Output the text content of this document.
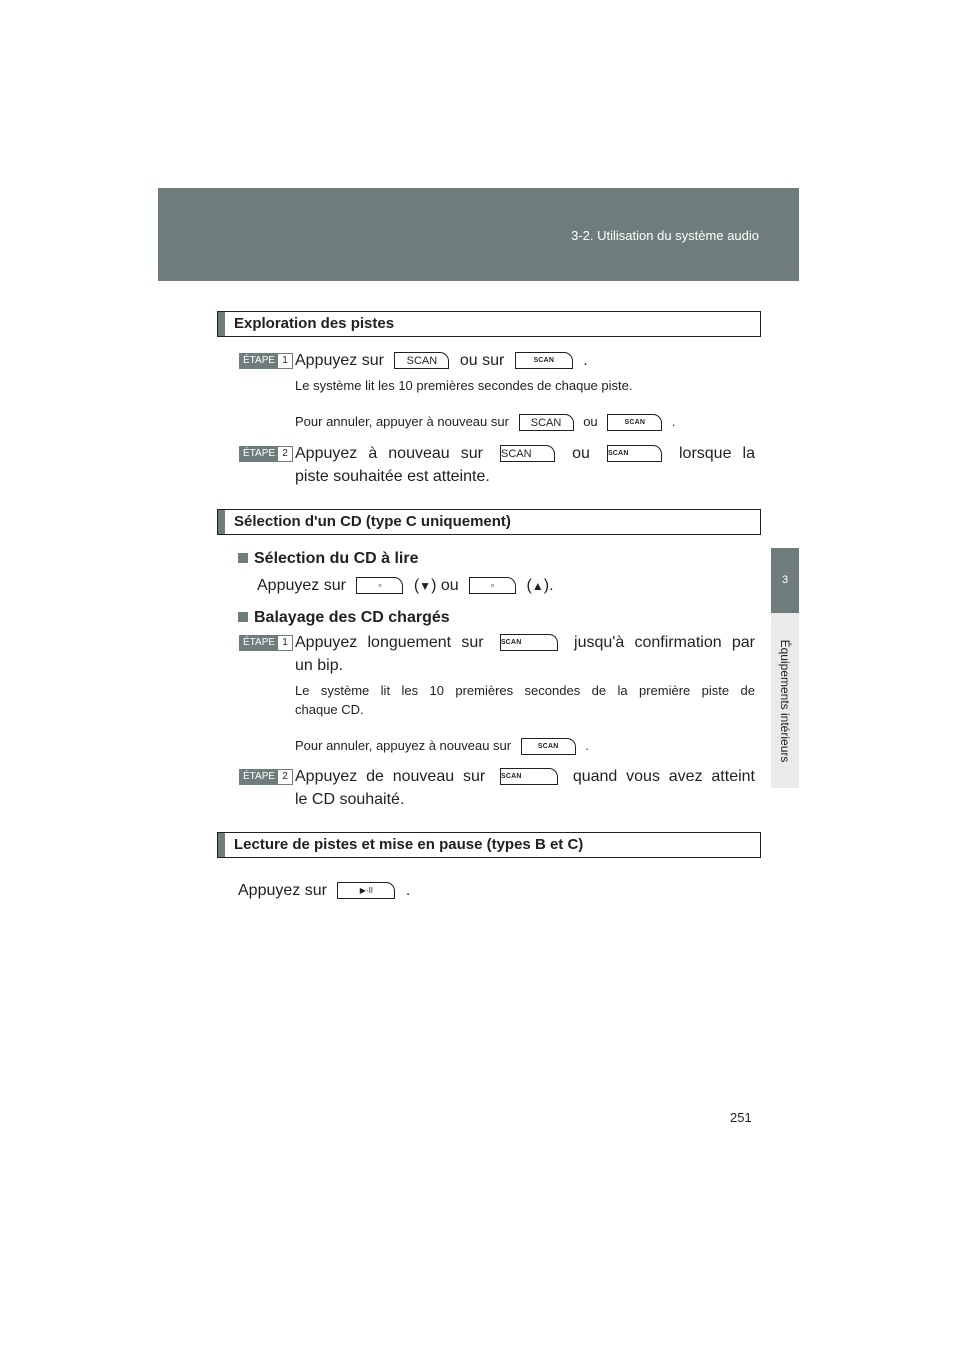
3-2. Utilisation du système audio
3
Équipements intérieurs
Exploration des pistes
ÉTAPE 1 Appuyez sur	SCAN	ou sur	SCAN	.
Le système lit les 10 premières secondes de chaque piste.
Pour annuler, appuyer à nouveau sur	SCAN	ou	SCAN	.
ÉTAPE 2 Appuyez à nouveau sur SCAN	ou	SCAN	lorsque la
piste souhaitée est atteinte.
Sélection d'un CD (type C uniquement)
Sélection du CD à lire
Appuyez sur	◦	(▼) ou	◦	(▲).
Balayage des CD chargés
ÉTAPE 1 Appuyez longuement sur SCAN	jusqu'à confirmation par
un bip.
Le système lit les 10 premières secondes de la première piste de
chaque CD.
Pour annuler, appuyez à nouveau sur	SCAN	.
ÉTAPE 2 Appuyez de nouveau sur SCAN	quand vous avez atteint
le CD souhaité.
Lecture de pistes et mise en pause (types B et C)
Appuyez sur	▶·II	.
251
